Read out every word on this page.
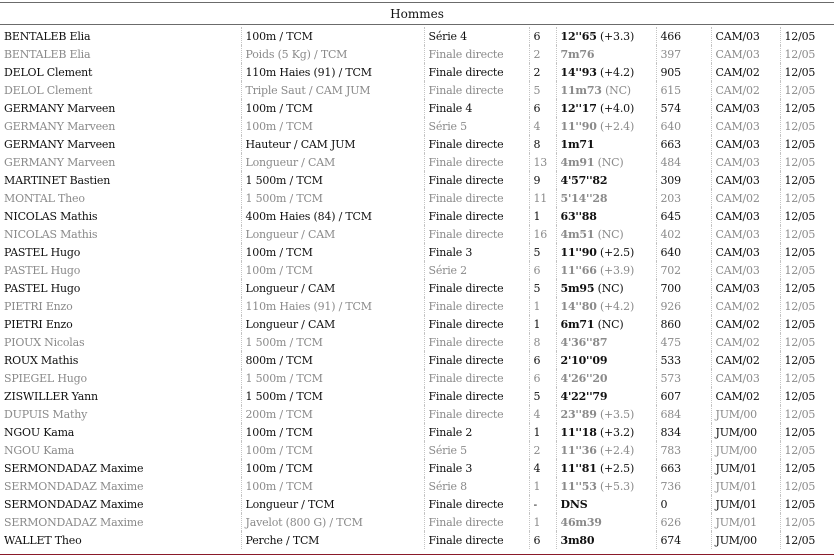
Hommes
BENTALEB Elia	100m / TCM	Série 4	6	12''65 (+3.3)	466	CAM/03	12/05
BENTALEB Elia	Poids (5 Kg) / TCM	Finale directe	2	7m76	397	CAM/03	12/05
DELOL Clement	110m Haies (91) / TCM	Finale directe	2	14''93 (+4.2)	905	CAM/02	12/05
DELOL Clement	Triple Saut / CAM JUM	Finale directe	5	11m73 (NC)	615	CAM/02	12/05
GERMANY Marveen	100m / TCM	Finale 4	6	12''17 (+4.0)	574	CAM/03	12/05
GERMANY Marveen	100m / TCM	Série 5	4	11''90 (+2.4)	640	CAM/03	12/05
GERMANY Marveen	Hauteur / CAM JUM	Finale directe	8	1m71	663	CAM/03	12/05
GERMANY Marveen	Longueur / CAM	Finale directe	13	4m91 (NC)	484	CAM/03	12/05
MARTINET Bastien	1 500m / TCM	Finale directe	9	4'57''82	309	CAM/03	12/05
MONTAL Theo	1 500m / TCM	Finale directe	11	5'14''28	203	CAM/02	12/05
NICOLAS Mathis	400m Haies (84) / TCM	Finale directe	1	63''88	645	CAM/03	12/05
NICOLAS Mathis	Longueur / CAM	Finale directe	16	4m51 (NC)	402	CAM/03	12/05
PASTEL Hugo	100m / TCM	Finale 3	5	11''90 (+2.5)	640	CAM/03	12/05
PASTEL Hugo	100m / TCM	Série 2	6	11''66 (+3.9)	702	CAM/03	12/05
PASTEL Hugo	Longueur / CAM	Finale directe	5	5m95 (NC)	700	CAM/03	12/05
PIETRI Enzo	110m Haies (91) / TCM	Finale directe	1	14''80 (+4.2)	926	CAM/02	12/05
PIETRI Enzo	Longueur / CAM	Finale directe	1	6m71 (NC)	860	CAM/02	12/05
PIOUX Nicolas	1 500m / TCM	Finale directe	8	4'36''87	475	CAM/02	12/05
ROUX Mathis	800m / TCM	Finale directe	6	2'10''09	533	CAM/02	12/05
SPIEGEL Hugo	1 500m / TCM	Finale directe	6	4'26''20	573	CAM/03	12/05
ZISWILLER Yann	1 500m / TCM	Finale directe	5	4'22''79	607	CAM/02	12/05
DUPUIS Mathy	200m / TCM	Finale directe	4	23''89 (+3.5)	684	JUM/00	12/05
NGOU Kama	100m / TCM	Finale 2	1	11''18 (+3.2)	834	JUM/00	12/05
NGOU Kama	100m / TCM	Série 5	2	11''36 (+2.4)	783	JUM/00	12/05
SERMONDADAZ Maxime	100m / TCM	Finale 3	4	11''81 (+2.5)	663	JUM/01	12/05
SERMONDADAZ Maxime	100m / TCM	Série 8	1	11''53 (+5.3)	736	JUM/01	12/05
SERMONDADAZ Maxime	Longueur / TCM	Finale directe	-	DNS	0	JUM/01	12/05
SERMONDADAZ Maxime	Javelot (800 G) / TCM	Finale directe	1	46m39	626	JUM/01	12/05
WALLET Theo	Perche / TCM	Finale directe	6	3m80	674	JUM/00	12/05
